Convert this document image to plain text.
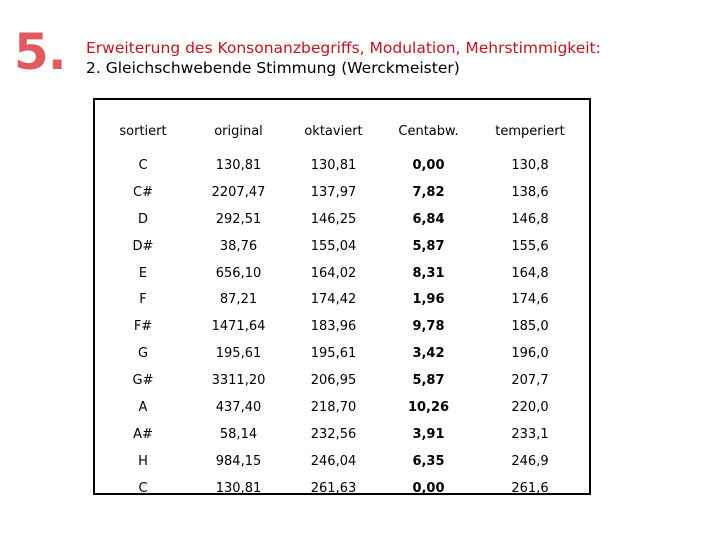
5. Erweiterung des Konsonanzbegriffs, Modulation, Mehrstimmigkeit:
2. Gleichschwebende Stimmung (Werckmeister)
sortiert	original	oktaviert	Centabw.	temperiert
C	130,81	130,81	0,00	130,8
C#	2207,47	137,97	7,82	138,6
D	292,51	146,25	6,84	146,8
D#	38,76	155,04	5,87	155,6
E	656,10	164,02	8,31	164,8
F	87,21	174,42	1,96	174,6
F#	1471,64	183,96	9,78	185,0
G	195,61	195,61	3,42	196,0
G#	3311,20	206,95	5,87	207,7
A	437,40	218,70	10,26	220,0
A#	58,14	232,56	3,91	233,1
H	984,15	246,04	6,35	246,9
C	130,81	261,63	0,00	261,6
